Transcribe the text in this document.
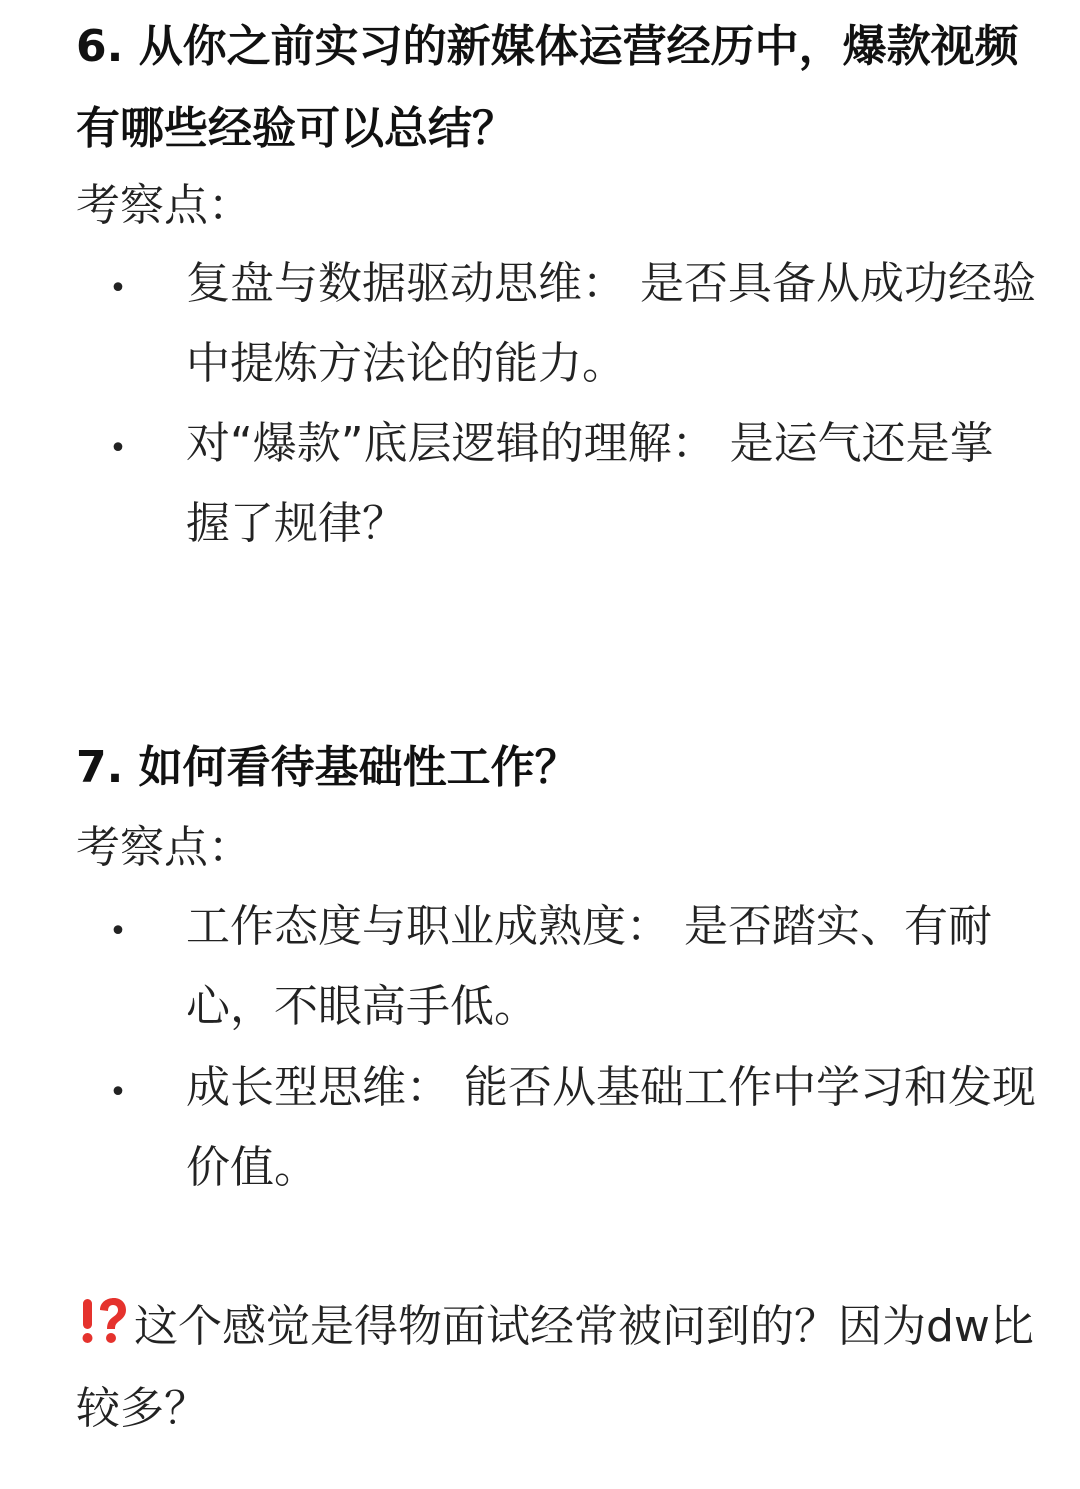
6. 从你之前实习的新媒体运营经历中，爆款视频有哪些经验可以总结？

考察点：

• 复盘与数据驱动思维： 是否具备从成功经验中提炼方法论的能力。

• 对“爆款”底层逻辑的理解： 是运气还是掌握了规律？

7. 如何看待基础性工作？

考察点：

• 工作态度与职业成熟度： 是否踏实、有耐心，不眼高手低。

• 成长型思维： 能否从基础工作中学习和发现价值。

这个感觉是得物面试经常被问到的？因为dw比较多？
